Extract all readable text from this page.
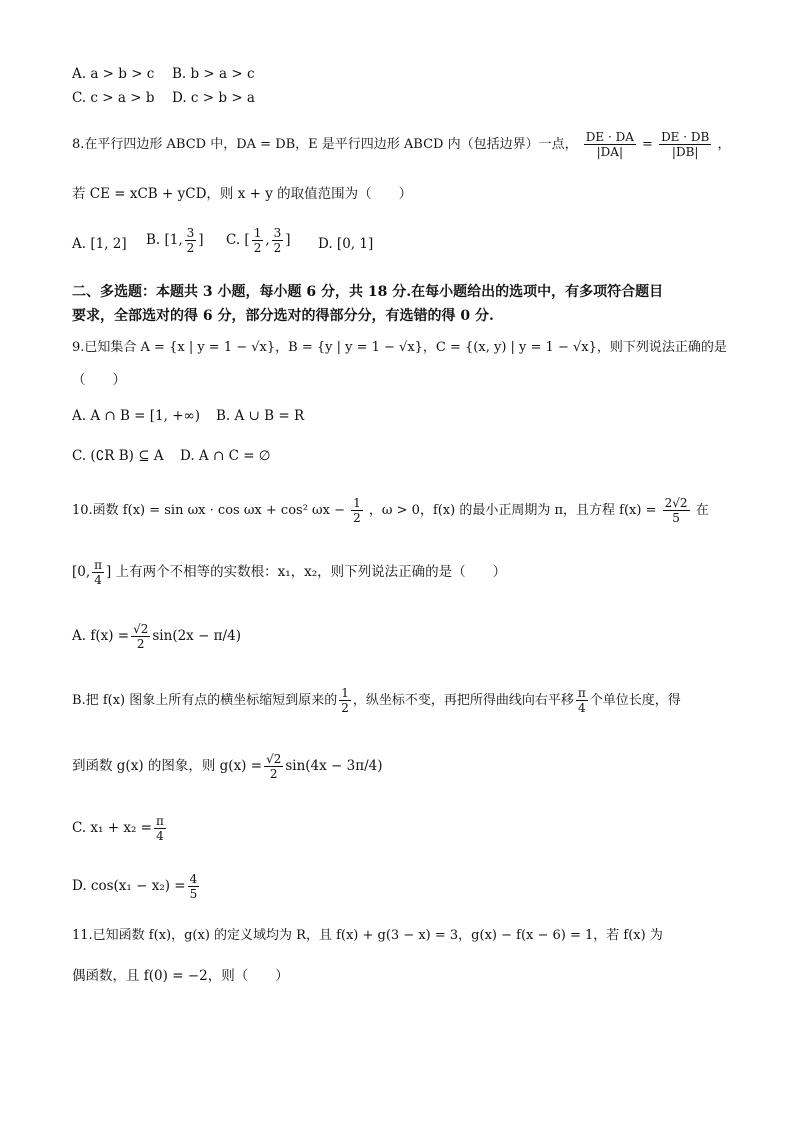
A. a > b > c B. b > a > c
C. c > a > b D. c > b > a
8.在平行四边形 ABCD 中，DA = DB，E 是平行四边形 ABCD 内（包括边界）一点， $\frac{DE \cdot DA}{|DA|} = \frac{DE \cdot DB}{|DB|}$ ，
若 CE = xCB + yCD，则 x + y 的取值范围为（　　）
A. [1, 2] B. [1, $\frac{3}{2}$ ] C. [ $\frac{1}{2}$ , $\frac{3}{2}$ ] D. [0, 1]
二、多选题：本题共 3 小题，每小题 6 分，共 18 分.在每小题给出的选项中，有多项符合题目
要求，全部选对的得 6 分，部分选对的得部分分，有选错的得 0 分.
9.已知集合 A = {x | y = 1 − √x}，B = {y | y = 1 − √x}，C = {(x, y) | y = 1 − √x}，则下列说法正确的是
（　　）
A. A ∩ B = [1, +∞) B. A ∪ B = R
C. (∁R B) ⊆ A D. A ∩ C = ∅
10.函数 f(x) = sin ωx · cos ωx + cos² $\omega x - \frac{1}{2}$ ，ω > 0，f(x) 的最小正周期为 π，且方程 $f(x) = \frac{2√2}{5}$ 在
[0, $\frac{\pi}{4}$ ] 上有两个不相等的实数根：x₁，x₂，则下列说法正确的是（　　）
A. $f(x) = \frac{√2}{2} \sin(2x - \pi/4)$
B.把 f(x) 图象上所有点的横坐标缩短到原来的 $\frac{1}{2}$ ，纵坐标不变，再把所得曲线向右平移 $\frac{\pi}{4}$ 个单位长度，得
到函数 g(x) 的图象，则 $g(x) = \frac{√2}{2} \sin(4x - 3\pi/4)$
C. $x_1 + x_2 = \frac{\pi}{4}$
D. $\cos(x_1 - x_2) = \frac{4}{5}$
11.已知函数 f(x)，g(x) 的定义域均为 R，且 f(x) + g(3 − x) = 3，g(x) − f(x − 6) = 1，若 f(x) 为
偶函数，且 f(0) = −2，则（　　）
